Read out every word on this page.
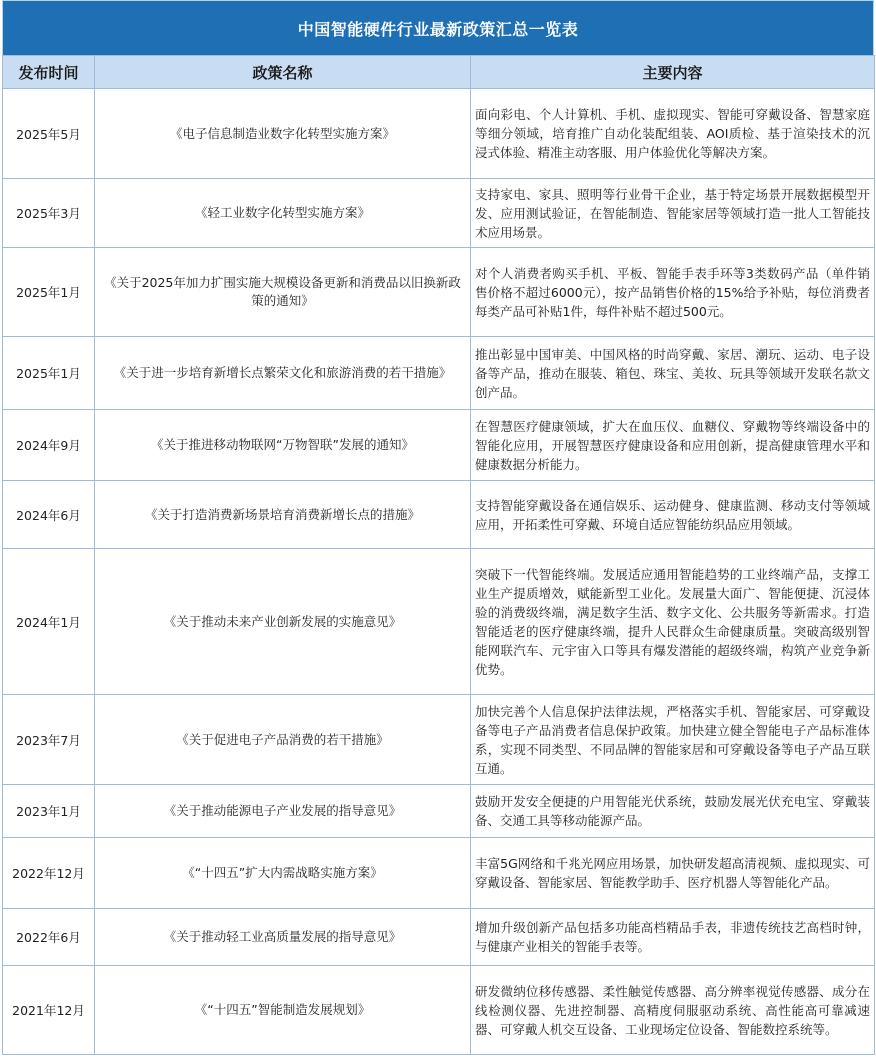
中国智能硬件行业最新政策汇总一览表
发布时间	政策名称	主要内容
2025年5月	《电子信息制造业数字化转型实施方案》	面向彩电、个人计算机、手机、虚拟现实、智能可穿戴设备、智慧家庭等细分领域，培育推广自动化装配组装、AOI质检、基于渲染技术的沉浸式体验、精准主动客服、用户体验优化等解决方案。
2025年3月	《轻工业数字化转型实施方案》	支持家电、家具、照明等行业骨干企业，基于特定场景开展数据模型开发、应用测试验证，在智能制造、智能家居等领域打造一批人工智能技术应用场景。
2025年1月	《关于2025年加力扩围实施大规模设备更新和消费品以旧换新政策的通知》	对个人消费者购买手机、平板、智能手表手环等3类数码产品（单件销售价格不超过6000元），按产品销售价格的15%给予补贴，每位消费者每类产品可补贴1件，每件补贴不超过500元。
2025年1月	《关于进一步培育新增长点繁荣文化和旅游消费的若干措施》	推出彰显中国审美、中国风格的时尚穿戴、家居、潮玩、运动、电子设备等产品，推动在服装、箱包、珠宝、美妆、玩具等领域开发联名款文创产品。
2024年9月	《关于推进移动物联网“万物智联”发展的通知》	在智慧医疗健康领域，扩大在血压仪、血糖仪、穿戴物等终端设备中的智能化应用，开展智慧医疗健康设备和应用创新，提高健康管理水平和健康数据分析能力。
2024年6月	《关于打造消费新场景培育消费新增长点的措施》	支持智能穿戴设备在通信娱乐、运动健身、健康监测、移动支付等领域应用，开拓柔性可穿戴、环境自适应智能纺织品应用领域。
2024年1月	《关于推动未来产业创新发展的实施意见》	突破下一代智能终端。发展适应通用智能趋势的工业终端产品，支撑工业生产提质增效，赋能新型工业化。发展量大面广、智能便捷、沉浸体验的消费级终端，满足数字生活、数字文化、公共服务等新需求。打造智能适老的医疗健康终端，提升人民群众生命健康质量。突破高级别智能网联汽车、元宇宙入口等具有爆发潜能的超级终端，构筑产业竞争新优势。
2023年7月	《关于促进电子产品消费的若干措施》	加快完善个人信息保护法律法规，严格落实手机、智能家居、可穿戴设备等电子产品消费者信息保护政策。加快建立健全智能电子产品标准体系，实现不同类型、不同品牌的智能家居和可穿戴设备等电子产品互联互通。
2023年1月	《关于推动能源电子产业发展的指导意见》	鼓励开发安全便捷的户用智能光伏系统，鼓励发展光伏充电宝、穿戴装备、交通工具等移动能源产品。
2022年12月	《“十四五”扩大内需战略实施方案》	丰富5G网络和千兆光网应用场景，加快研发超高清视频、虚拟现实、可穿戴设备、智能家居、智能教学助手、医疗机器人等智能化产品。
2022年6月	《关于推动轻工业高质量发展的指导意见》	增加升级创新产品包括多功能高档精品手表，非遗传统技艺高档时钟，与健康产业相关的智能手表等。
2021年12月	《“十四五”智能制造发展规划》	研发微纳位移传感器、柔性触觉传感器、高分辨率视觉传感器、成分在线检测仪器、先进控制器、高精度伺服驱动系统、高性能高可靠减速器、可穿戴人机交互设备、工业现场定位设备、智能数控系统等。
